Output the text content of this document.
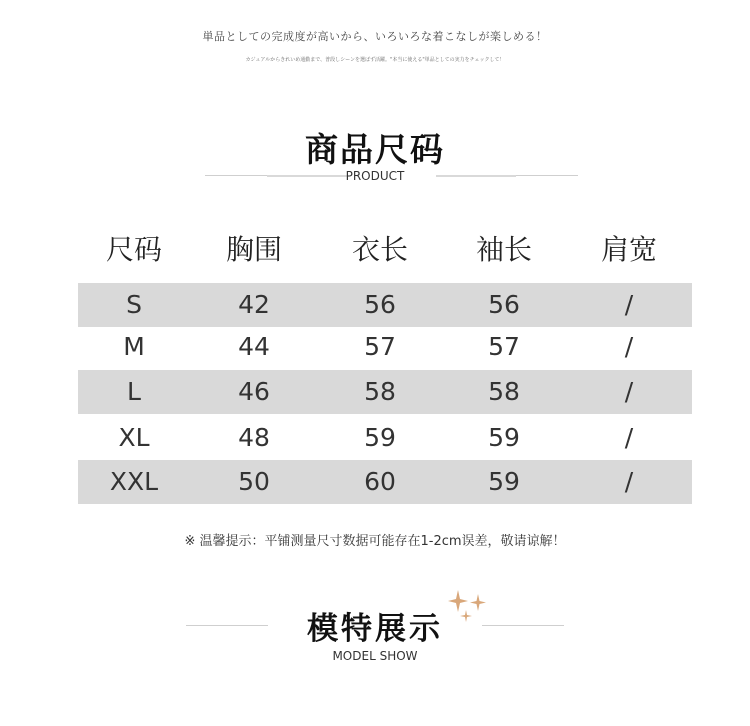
単品としての完成度が高いから、いろいろな着こなしが楽しめる！
カジュアルからきれいめ通勤まで、普段しシーンを選ばず活躍。"本当に使える"単品としての実力をチェックして！
商品尺码
PRODUCT
尺码	胸围	衣长	袖长	肩宽
S	42	56	56	/
M	44	57	57	/
L	46	58	58	/
XL	48	59	59	/
XXL	50	60	59	/
※ 温馨提示：平铺测量尺寸数据可能存在1-2cm误差，敬请谅解！
模特展示
MODEL SHOW
